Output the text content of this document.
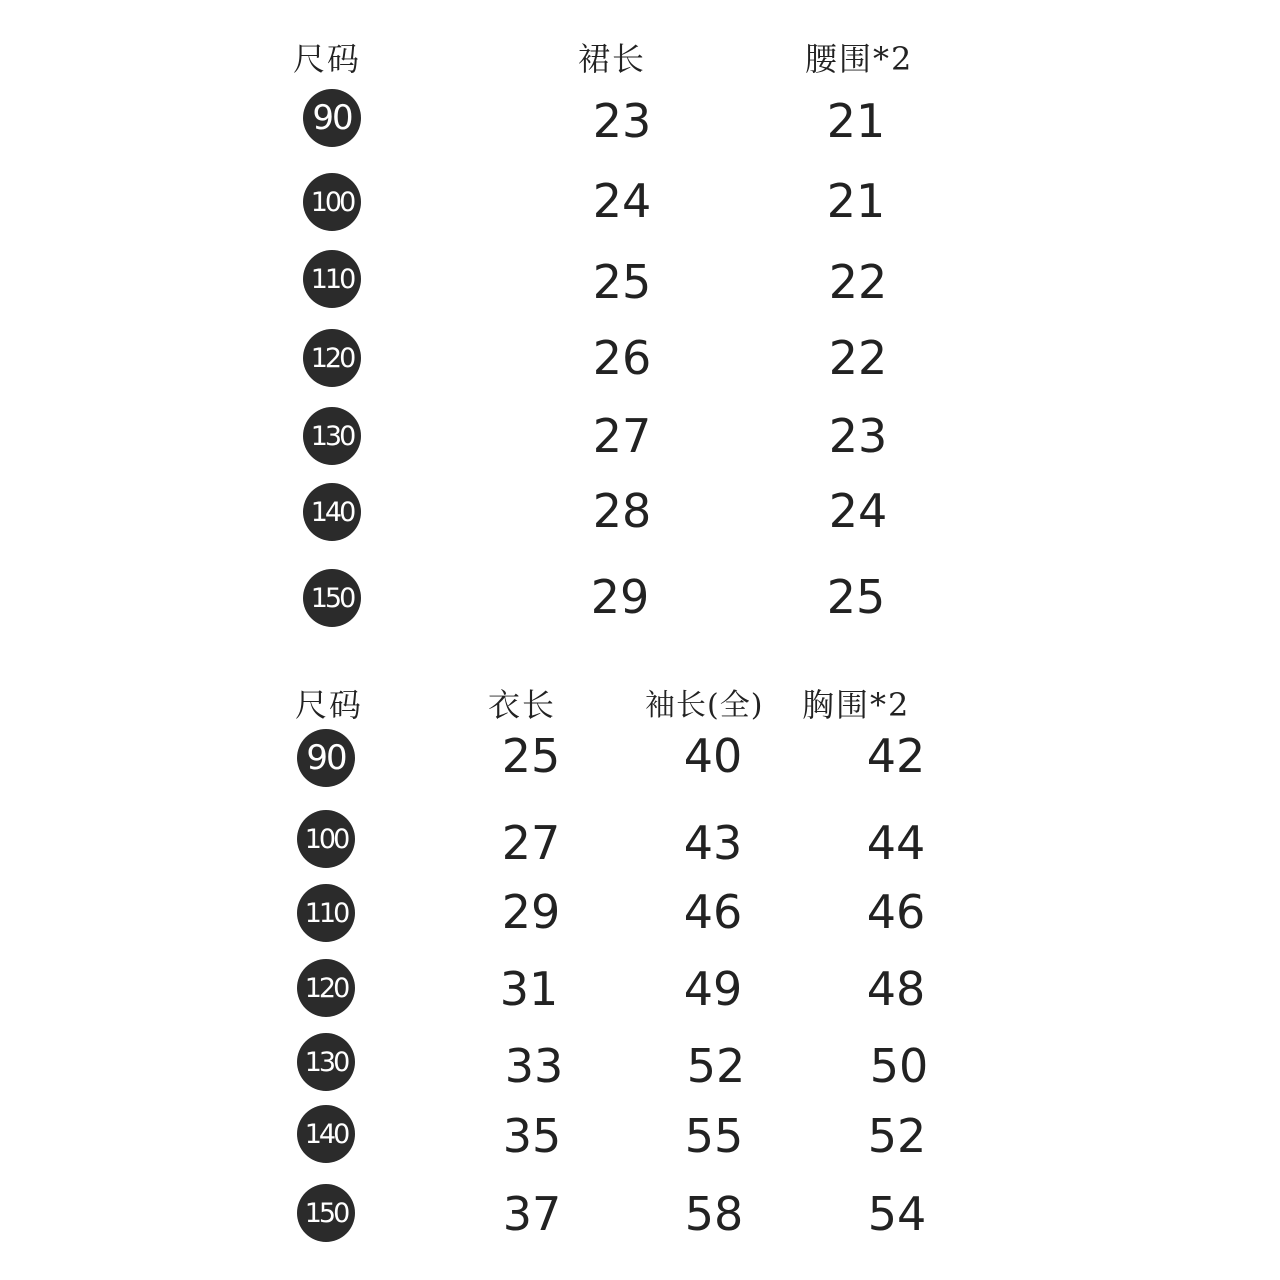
尺码	裙长	腰围*2
90	23	21
100	24	21
110	25	22
120	26	22
130	27	23
140	28	24
150	29	25
尺码	衣长	袖长(全) 胸围*2
90	25	40	42
100	27	43	44
110	29	46	46
120	31	49	48
130	33	52	50
140	35	55	52
150	37	58	54
